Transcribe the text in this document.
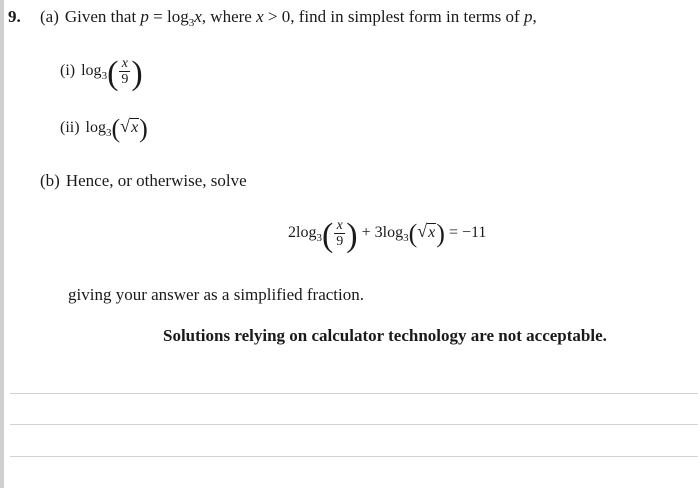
9. (a) Given that $p = \log_3x$, where x > 0, find in simplest form in terms of p,
(i) $\log_3( \frac{x}{9}$ )
(ii) $\log_3(√x)$
(b) Hence, or otherwise, solve
$2\log_3( \frac{x}{9}$ ) + $3\log_3(√x) = -11$
giving your answer as a simplified fraction.
Solutions relying on calculator technology are not acceptable.
